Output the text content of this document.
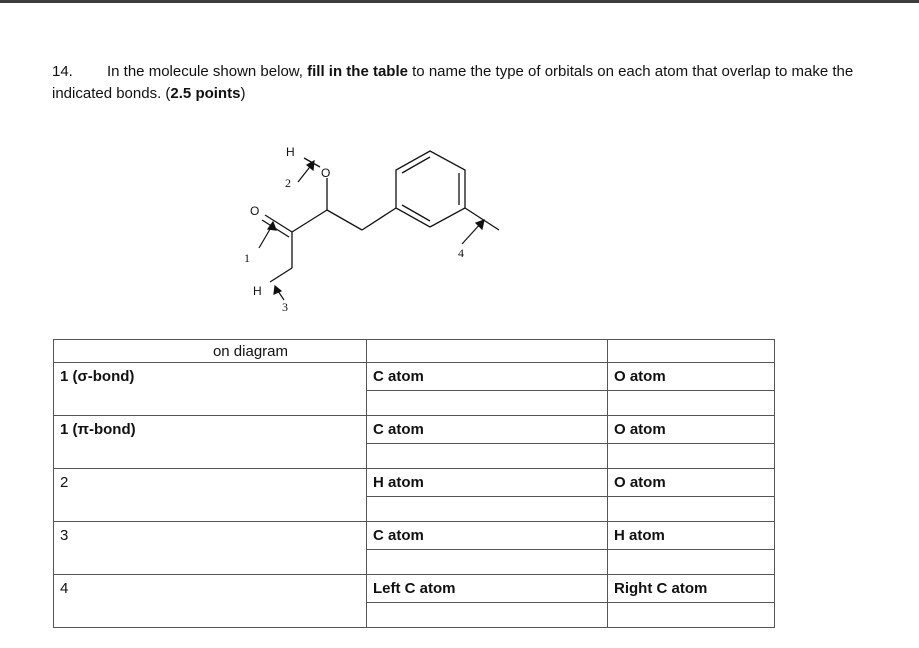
14. In the molecule shown below, fill in the table to name the type of orbitals on each atom that overlap to make the indicated bonds. (2.5 points)
H
O
O
H
1
2
3
4
on diagram		
1 (σ-bond)	C atom	O atom

1 (π-bond)	C atom	O atom

2	H atom	O atom

3	C atom	H atom

4	Left C atom	Right C atom
